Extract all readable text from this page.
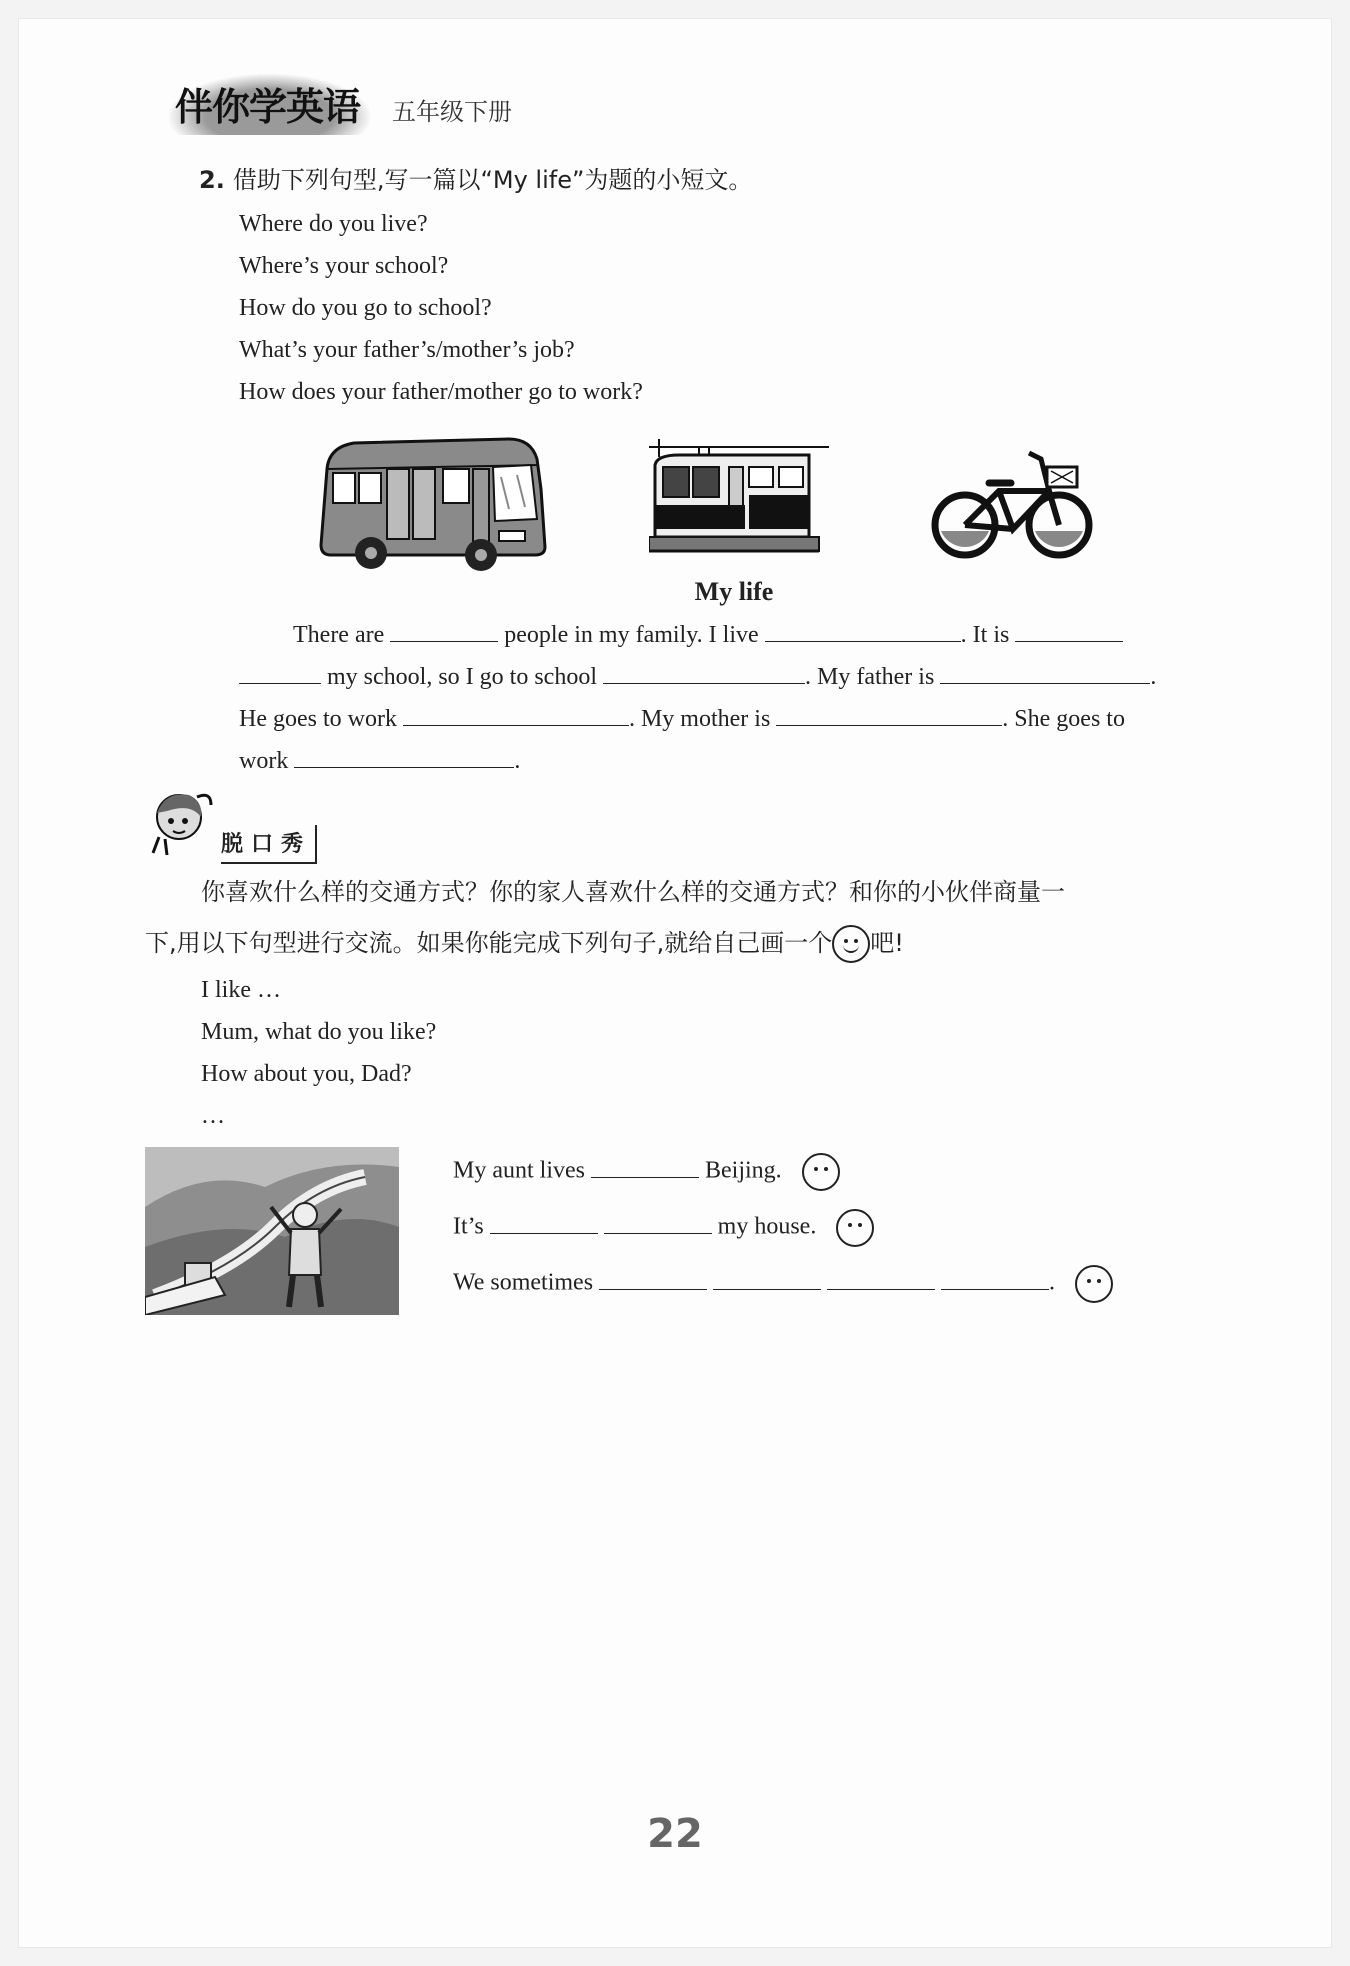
伴你学英语	五年级下册
2. 借助下列句型,写一篇以“My life”为题的小短文。
Where do you live?
Where’s your school?
How do you go to school?
What’s your father’s/mother’s job?
How does your father/mother go to work?
My life
There are	people in my family. I live	. It is
my school, so I go to school	. My father is	.
He goes to work	. My mother is	. She goes to
work	.
脱口秀
你喜欢什么样的交通方式？你的家人喜欢什么样的交通方式？和你的小伙伴商量一
下,用以下句型进行交流。如果你能完成下列句子,就给自己画一个 吧!
I like …
Mum, what do you like?
How about you, Dad?
…
My aunt lives	Beijing.
It’s	my house.
We sometimes	.
22
